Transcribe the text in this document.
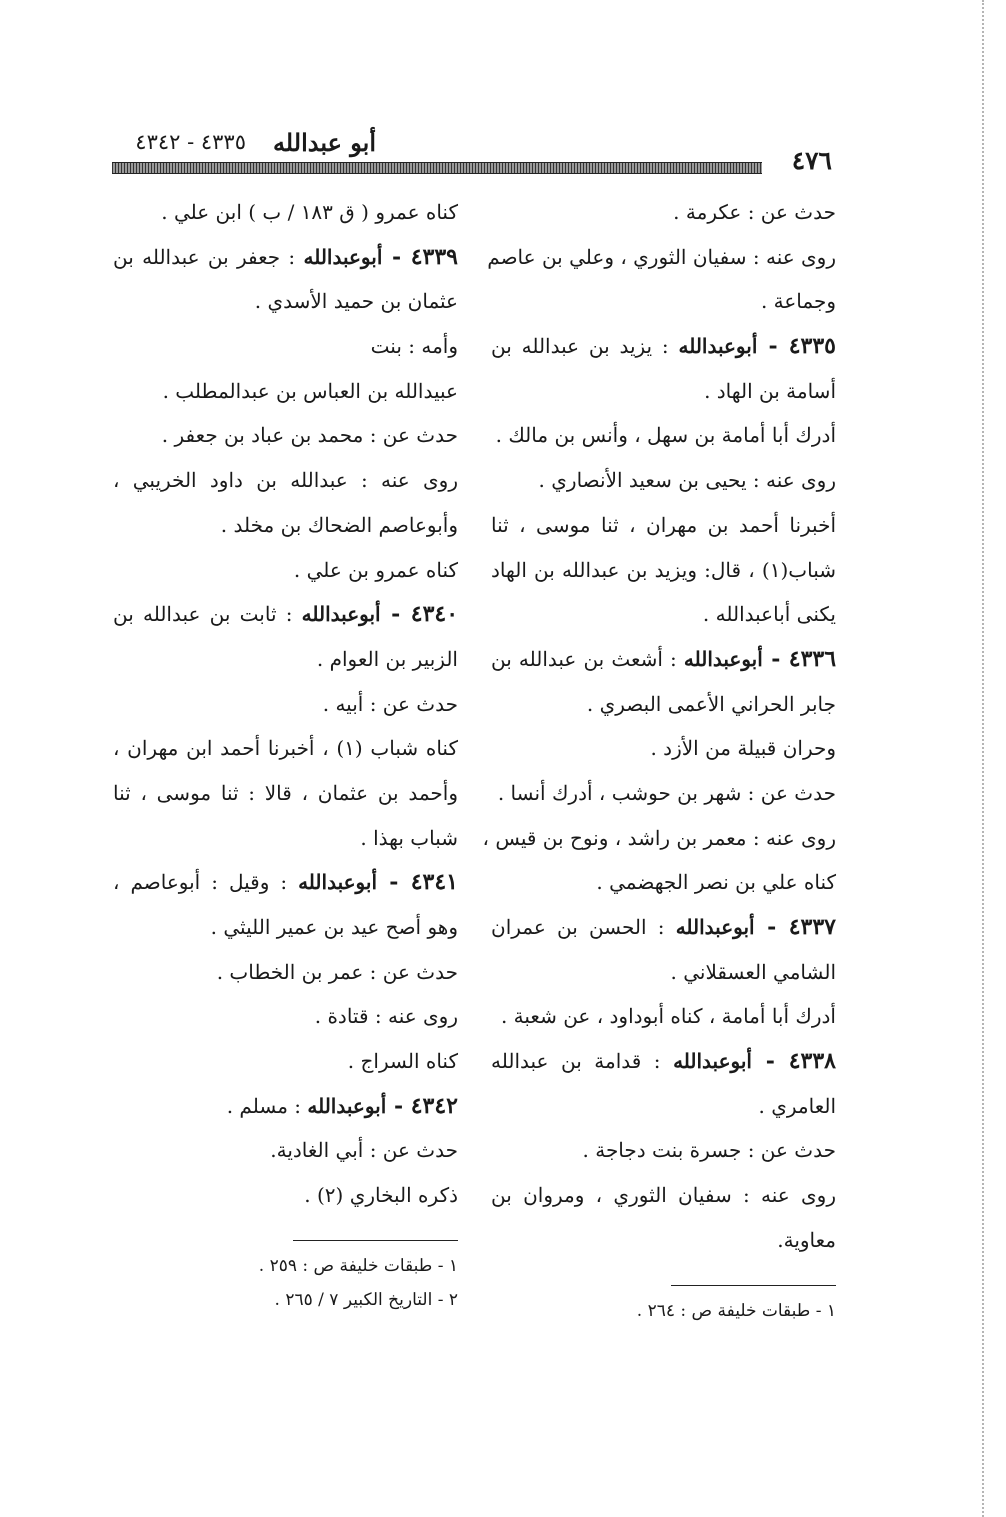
أبو عبدالله
٤٣٣٥ - ٤٣٤٢
٤٧٦
حدث عن : عكرمة .
روى عنه : سفيان الثوري ، وعلي بن عاصم
وجماعة .
٤٣٣٥ - أبوعبدالله : يزيد بن عبدالله بن
أسامة بن الهاد .
أدرك أبا أمامة بن سهل ، وأنس بن مالك .
روى عنه : يحيى بن سعيد الأنصاري .
أخبرنا أحمد بن مهران ، ثنا موسى ، ثنا
شباب(١) ، قال: ويزيد بن عبدالله بن الهاد
يكنى أباعبدالله .
٤٣٣٦ - أبوعبدالله : أشعث بن عبدالله بن
جابر الحراني الأعمى البصري .
وحران قبيلة من الأزد .
حدث عن : شهر بن حوشب ، أدرك أنسا .
روى عنه : معمر بن راشد ، ونوح بن قيس ،
كناه علي بن نصر الجهضمي .
٤٣٣٧ - أبوعبدالله : الحسن بن عمران
الشامي العسقلاني .
أدرك أبا أمامة ، كناه أبوداود ، عن شعبة .
٤٣٣٨ - أبوعبدالله : قدامة بن عبدالله
العامري .
حدث عن : جسرة بنت دجاجة .
روى عنه : سفيان الثوري ، ومروان بن
معاوية.
١ - طبقات خليفة ص : ٢٦٤ .
كناه عمرو ( ق ١٨٣ / ب ) ابن علي .
٤٣٣٩ - أبوعبدالله : جعفر بن عبدالله بن
عثمان بن حميد الأسدي .
وأمه : بنت
عبيدالله بن العباس بن عبدالمطلب .
حدث عن : محمد بن عباد بن جعفر .
روى عنه : عبدالله بن داود الخريبي ،
وأبوعاصم الضحاك بن مخلد .
كناه عمرو بن علي .
٤٣٤٠ - أبوعبدالله : ثابت بن عبدالله بن
الزبير بن العوام .
حدث عن : أبيه .
كناه شباب (١) ، أخبرنا أحمد ابن مهران ،
وأحمد بن عثمان ، قالا : ثنا موسى ، ثنا
شباب بهذا .
٤٣٤١ - أبوعبدالله : وقيل : أبوعاصم ،
وهو أصح عيد بن عمير الليثي .
حدث عن : عمر بن الخطاب .
روى عنه : قتادة .
كناه السراج .
٤٣٤٢ - أبوعبدالله : مسلم .
حدث عن : أبي الغادية.
ذكره البخاري (٢) .
١ - طبقات خليفة ص : ٢٥٩ .
٢ - التاريخ الكبير ٧ / ٢٦٥ .
